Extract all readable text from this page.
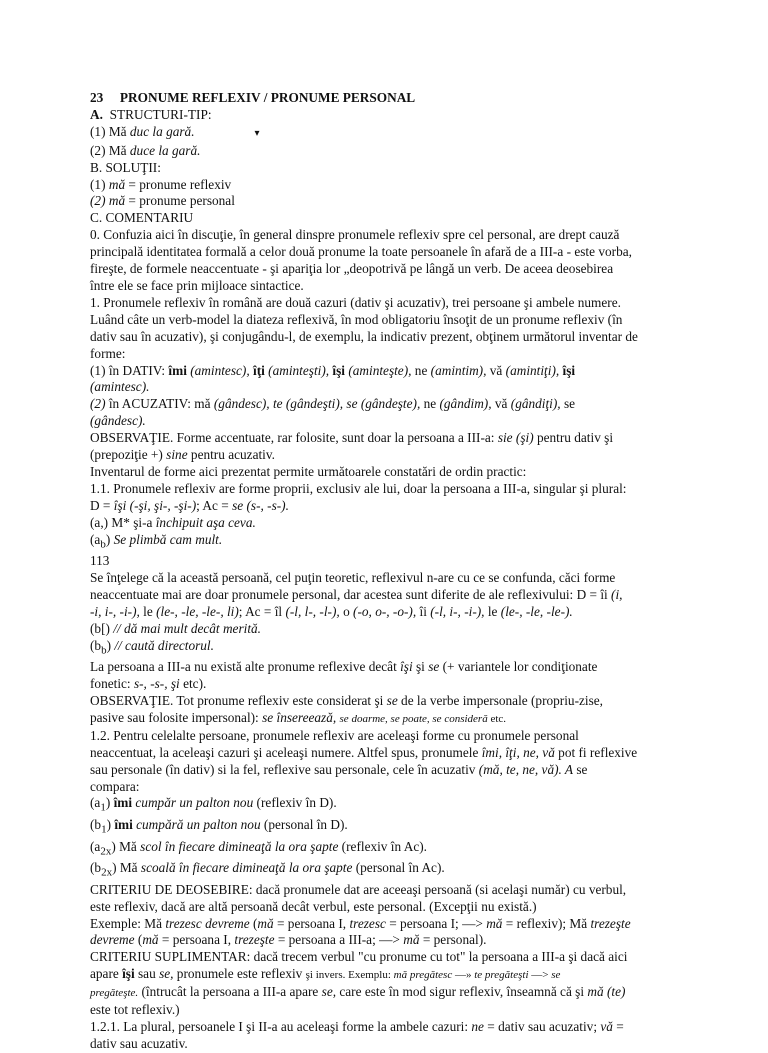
23 PRONUME REFLEXIV / PRONUME PERSONAL
A. STRUCTURI-TIP:
(1) Mă duc la gară.	▾
(2) Mă duce la gară.
B. SOLUŢII:
(1) mă = pronume reflexiv
(2) mă = pronume personal
C. COMENTARIU
0. Confuzia aici în discuţie, în general dinspre pronumele reflexiv spre cel personal, are drept cauză
principală identitatea formală a celor două pronume la toate persoanele în afară de a III-a - este vorba,
fireşte, de formele neaccentuate - şi apariţia lor „deopotrivă pe lângă un verb. De aceea deosebirea
între ele se face prin mijloace sintactice.
1. Pronumele reflexiv în română are două cazuri (dativ şi acuzativ), trei persoane şi ambele numere.
Luând câte un verb-model la diateza reflexivă, în mod obligatoriu însoţit de un pronume reflexiv (în
dativ sau în acuzativ), şi conjugându-l, de exemplu, la indicativ prezent, obţinem următorul inventar de
forme:
(1) în DATIV: îmi (amintesc), îţi (aminteşti), îşi (aminteşte), ne (amintim), vă (amintiţi), îşi
(amintesc).
(2) în ACUZATIV: mă (gândesc), te (gândeşti), se (gândeşte), ne (gândim), vă (gândiţi), se
(gândesc).
OBSERVAŢIE. Forme accentuate, rar folosite, sunt doar la persoana a III-a: sie (şi) pentru dativ şi
(prepoziţie +) sine pentru acuzativ.
Inventarul de forme aici prezentat permite următoarele constatări de ordin practic:
1.1. Pronumele reflexiv are forme proprii, exclusiv ale lui, doar la persoana a III-a, singular şi plural:
D = îşi (-şi, şi-, -şi-); Ac = se (s-, -s-).
(a,) M* şi-a închipuit aşa ceva.
$(a_b)$ Se plimbă cam mult.
113
Se înţelege că la această persoană, cel puţin teoretic, reflexivul n-are cu ce se confunda, căci forme
neaccentuate mai are doar pronumele personal, dar acestea sunt diferite de ale reflexivului: D = îi (i,
-i, i-, -i-), le (le-, -le, -le-, li); Ac = îl (-l, l-, -l-), o (-o, o-, -o-), îi (-l, i-, -i-), le (le-, -le, -le-).
(b[) // dă mai mult decât merită.
$(b_b)$ // caută directorul.
La persoana a III-a nu există alte pronume reflexive decât îşi şi se (+ variantele lor condiţionate
fonetic: s-, -s-, şi etc).
OBSERVAŢIE. Tot pronume reflexiv este considerat şi se de la verbe impersonale (propriu-zise,
pasive sau folosite impersonal): se însereează, se doarme, se poate, se consideră etc.
1.2. Pentru celelalte persoane, pronumele reflexiv are aceleaşi forme cu pronumele personal
neaccentuat, la aceleaşi cazuri şi aceleaşi numere. Altfel spus, pronumele îmi, îţi, ne, vă pot fi reflexive
sau personale (în dativ) si la fel, reflexive sau personale, cele în acuzativ (mă, te, ne, vă). A se
compara:
$(a_1)$ îmi cumpăr un palton nou (reflexiv în D).
$(b_1)$ îmi cumpără un palton nou (personal în D).
$(a_{2x})$ Mă scol în fiecare dimineaţă la ora şapte (reflexiv în Ac).
$(b_{2x})$ Mă scoală în fiecare dimineaţă la ora şapte (personal în Ac).
CRITERIU DE DEOSEBIRE: dacă pronumele dat are aceeaşi persoană (si acelaşi număr) cu verbul,
este reflexiv, dacă are altă persoană decât verbul, este personal. (Excepţii nu există.)
Exemple: Mă trezesc devreme (mă = persoana I, trezesc = persoana I; —> mă = reflexiv); Mă trezeşte
devreme (mă = persoana I, trezeşte = persoana a III-a; —> mă = personal).
CRITERIU SUPLIMENTAR: dacă trecem verbul "cu pronume cu tot" la persoana a III-a şi dacă aici
apare îşi sau se, pronumele este reflexiv şi invers. Exemplu: mă pregătesc —» te pregăteşti —> se
pregăteşte. (întrucât la persoana a III-a apare se, care este în mod sigur reflexiv, înseamnă că şi mă (te)
este tot reflexiv.)
1.2.1. La plural, persoanele I şi II-a au aceleaşi forme la ambele cazuri: ne = dativ sau acuzativ; vă =
dativ sau acuzativ.
